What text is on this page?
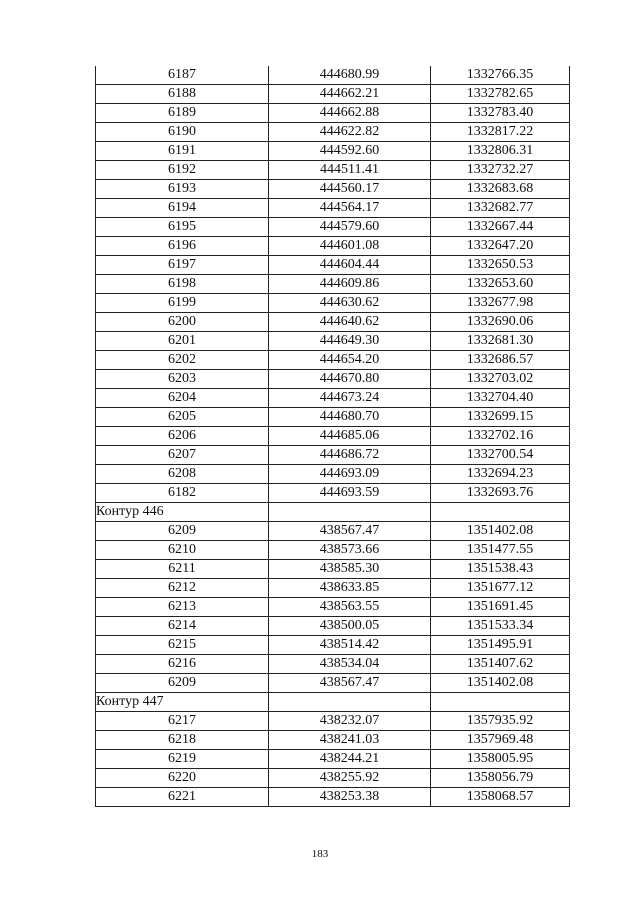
6187	444680.99	1332766.35
6188	444662.21	1332782.65
6189	444662.88	1332783.40
6190	444622.82	1332817.22
6191	444592.60	1332806.31
6192	444511.41	1332732.27
6193	444560.17	1332683.68
6194	444564.17	1332682.77
6195	444579.60	1332667.44
6196	444601.08	1332647.20
6197	444604.44	1332650.53
6198	444609.86	1332653.60
6199	444630.62	1332677.98
6200	444640.62	1332690.06
6201	444649.30	1332681.30
6202	444654.20	1332686.57
6203	444670.80	1332703.02
6204	444673.24	1332704.40
6205	444680.70	1332699.15
6206	444685.06	1332702.16
6207	444686.72	1332700.54
6208	444693.09	1332694.23
6182	444693.59	1332693.76
Контур 446		
6209	438567.47	1351402.08
6210	438573.66	1351477.55
6211	438585.30	1351538.43
6212	438633.85	1351677.12
6213	438563.55	1351691.45
6214	438500.05	1351533.34
6215	438514.42	1351495.91
6216	438534.04	1351407.62
6209	438567.47	1351402.08
Контур 447		
6217	438232.07	1357935.92
6218	438241.03	1357969.48
6219	438244.21	1358005.95
6220	438255.92	1358056.79
6221	438253.38	1358068.57
183
